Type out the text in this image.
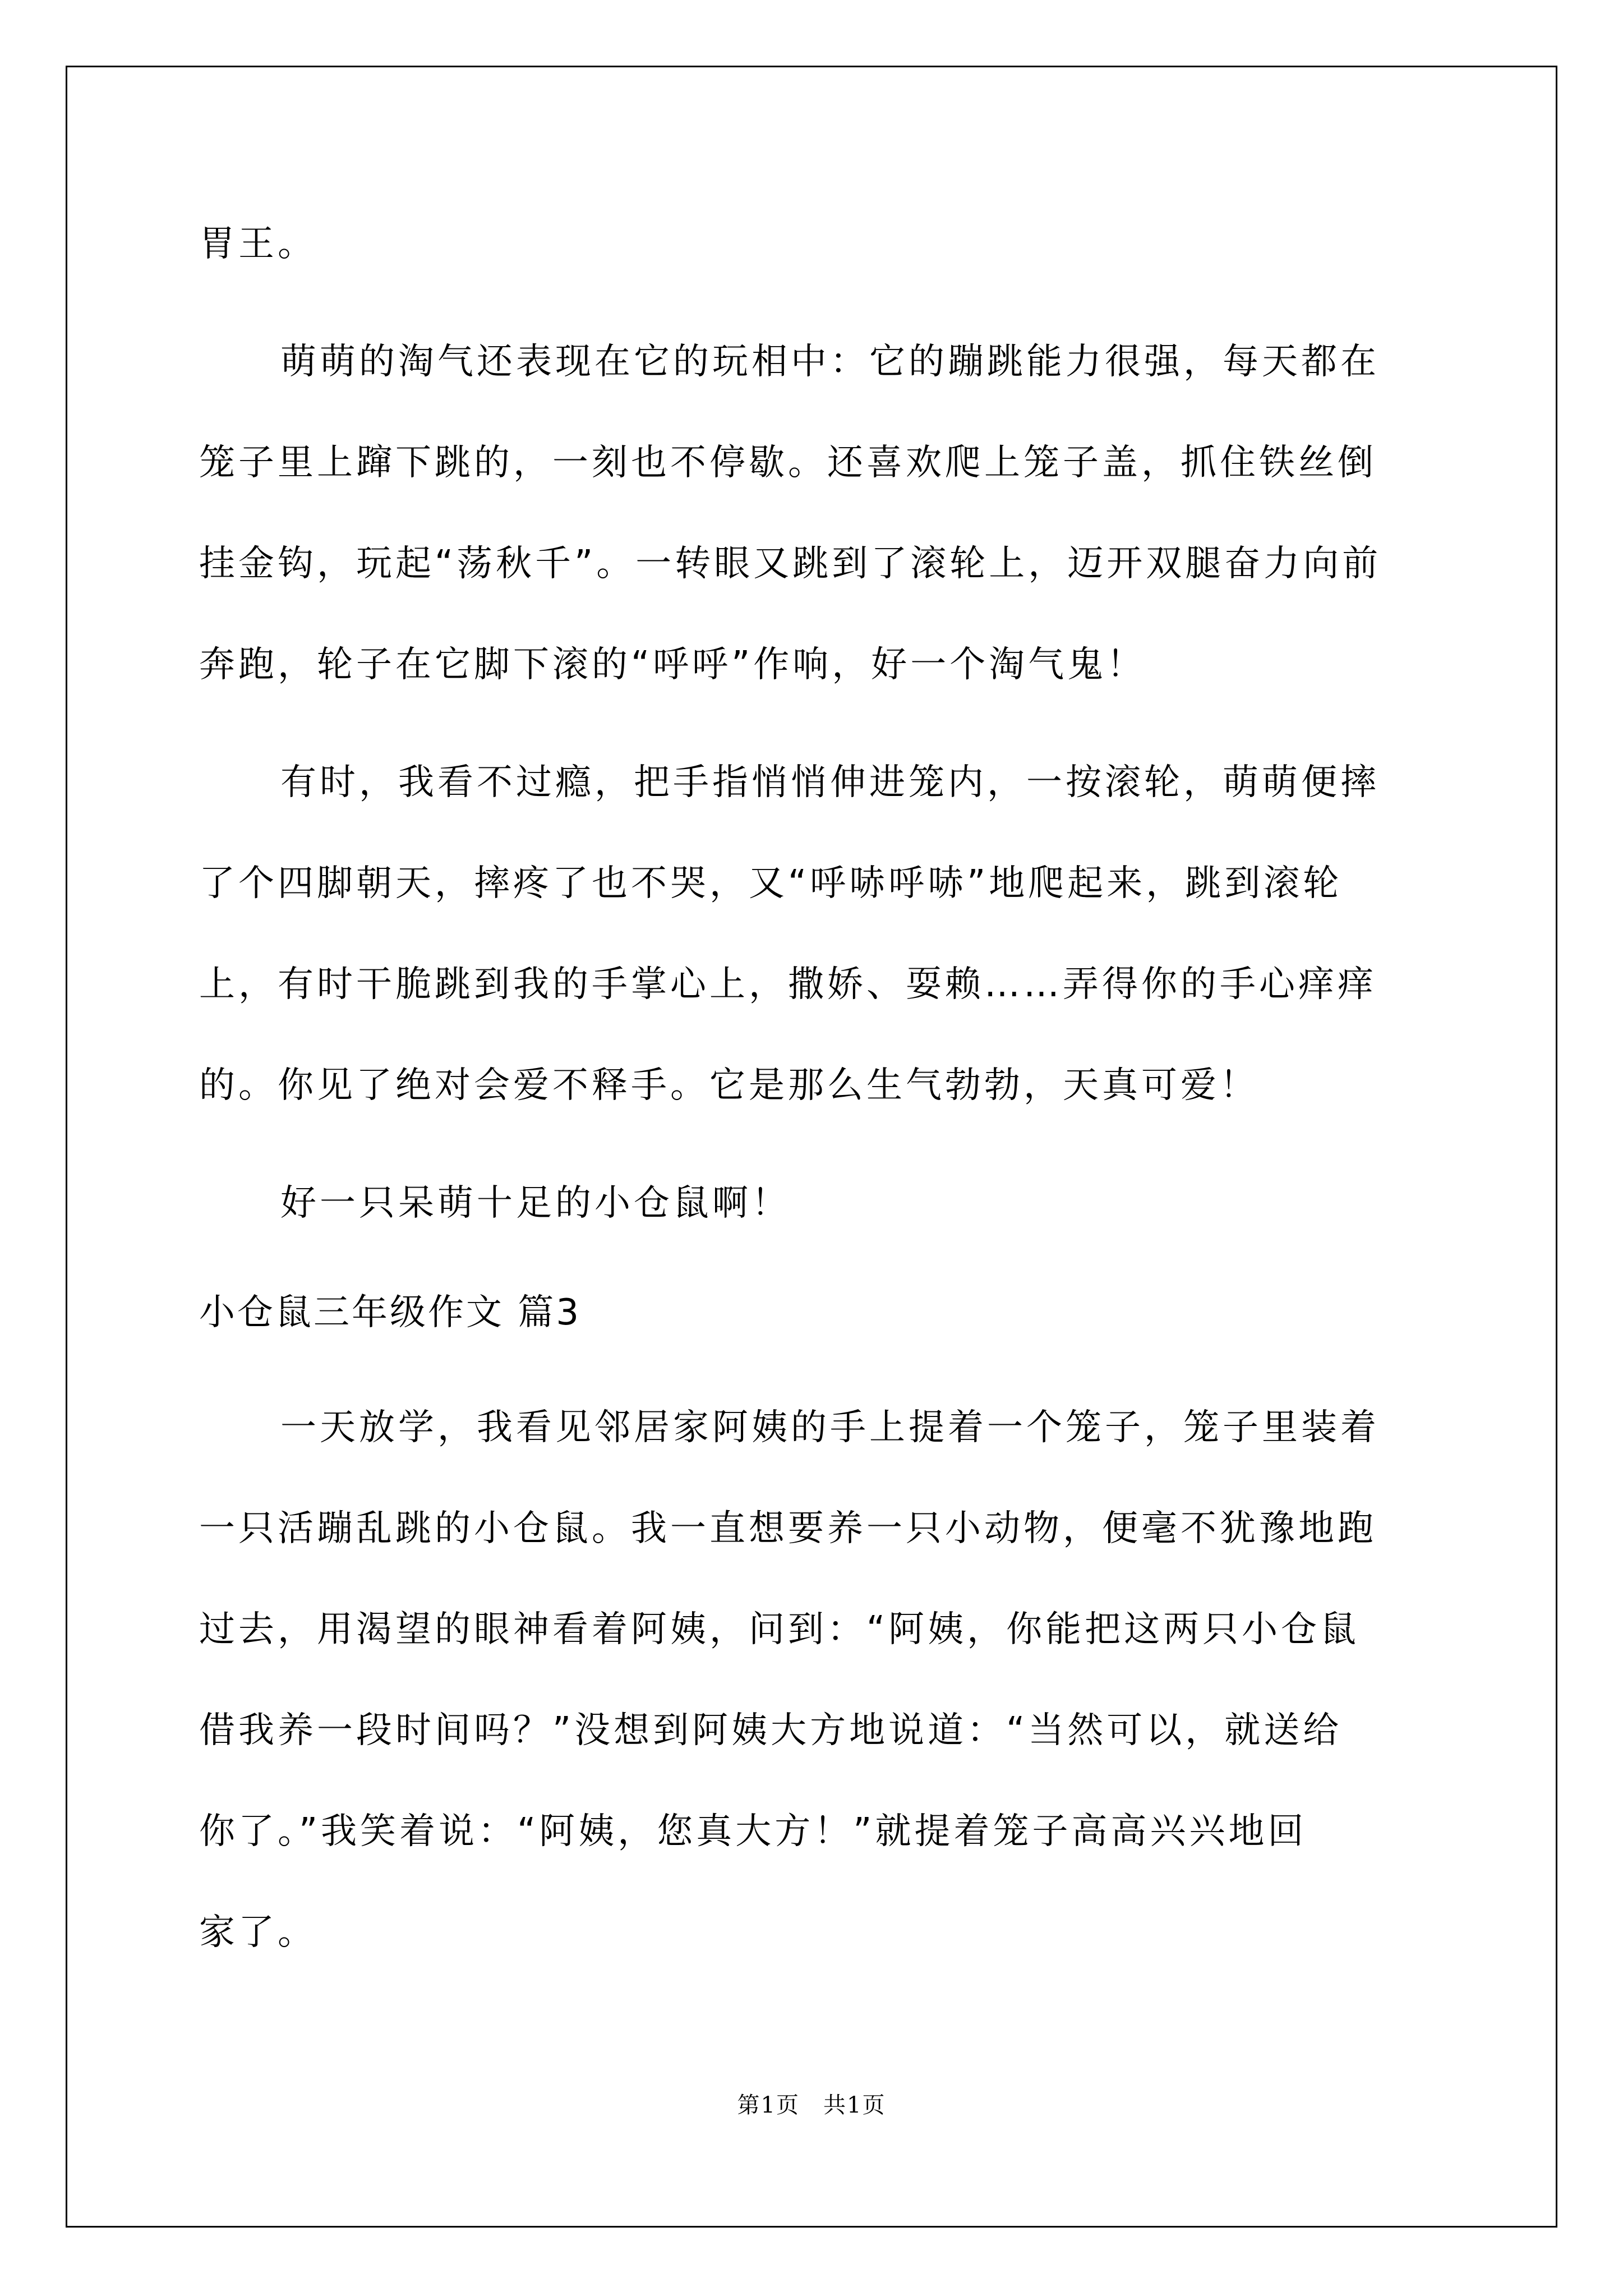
胃王。
萌萌的淘气还表现在它的玩相中：它的蹦跳能力很强，每天都在
笼子里上蹿下跳的，一刻也不停歇。还喜欢爬上笼子盖，抓住铁丝倒
挂金钩，玩起“荡秋千”。一转眼又跳到了滚轮上，迈开双腿奋力向前
奔跑，轮子在它脚下滚的“呼呼”作响，好一个淘气鬼！
有时，我看不过瘾，把手指悄悄伸进笼内，一按滚轮，萌萌便摔
了个四脚朝天，摔疼了也不哭，又“呼哧呼哧”地爬起来，跳到滚轮
上，有时干脆跳到我的手掌心上，撒娇、耍赖……弄得你的手心痒痒
的。你见了绝对会爱不释手。它是那么生气勃勃，天真可爱！
好一只呆萌十足的小仓鼠啊！
小仓鼠三年级作文 篇3
一天放学，我看见邻居家阿姨的手上提着一个笼子，笼子里装着
一只活蹦乱跳的小仓鼠。我一直想要养一只小动物，便毫不犹豫地跑
过去，用渴望的眼神看着阿姨，问到：“阿姨，你能把这两只小仓鼠
借我养一段时间吗？”没想到阿姨大方地说道：“当然可以，就送给
你了。”我笑着说：“阿姨，您真大方！”就提着笼子高高兴兴地回
家了。
第1页　共1页
